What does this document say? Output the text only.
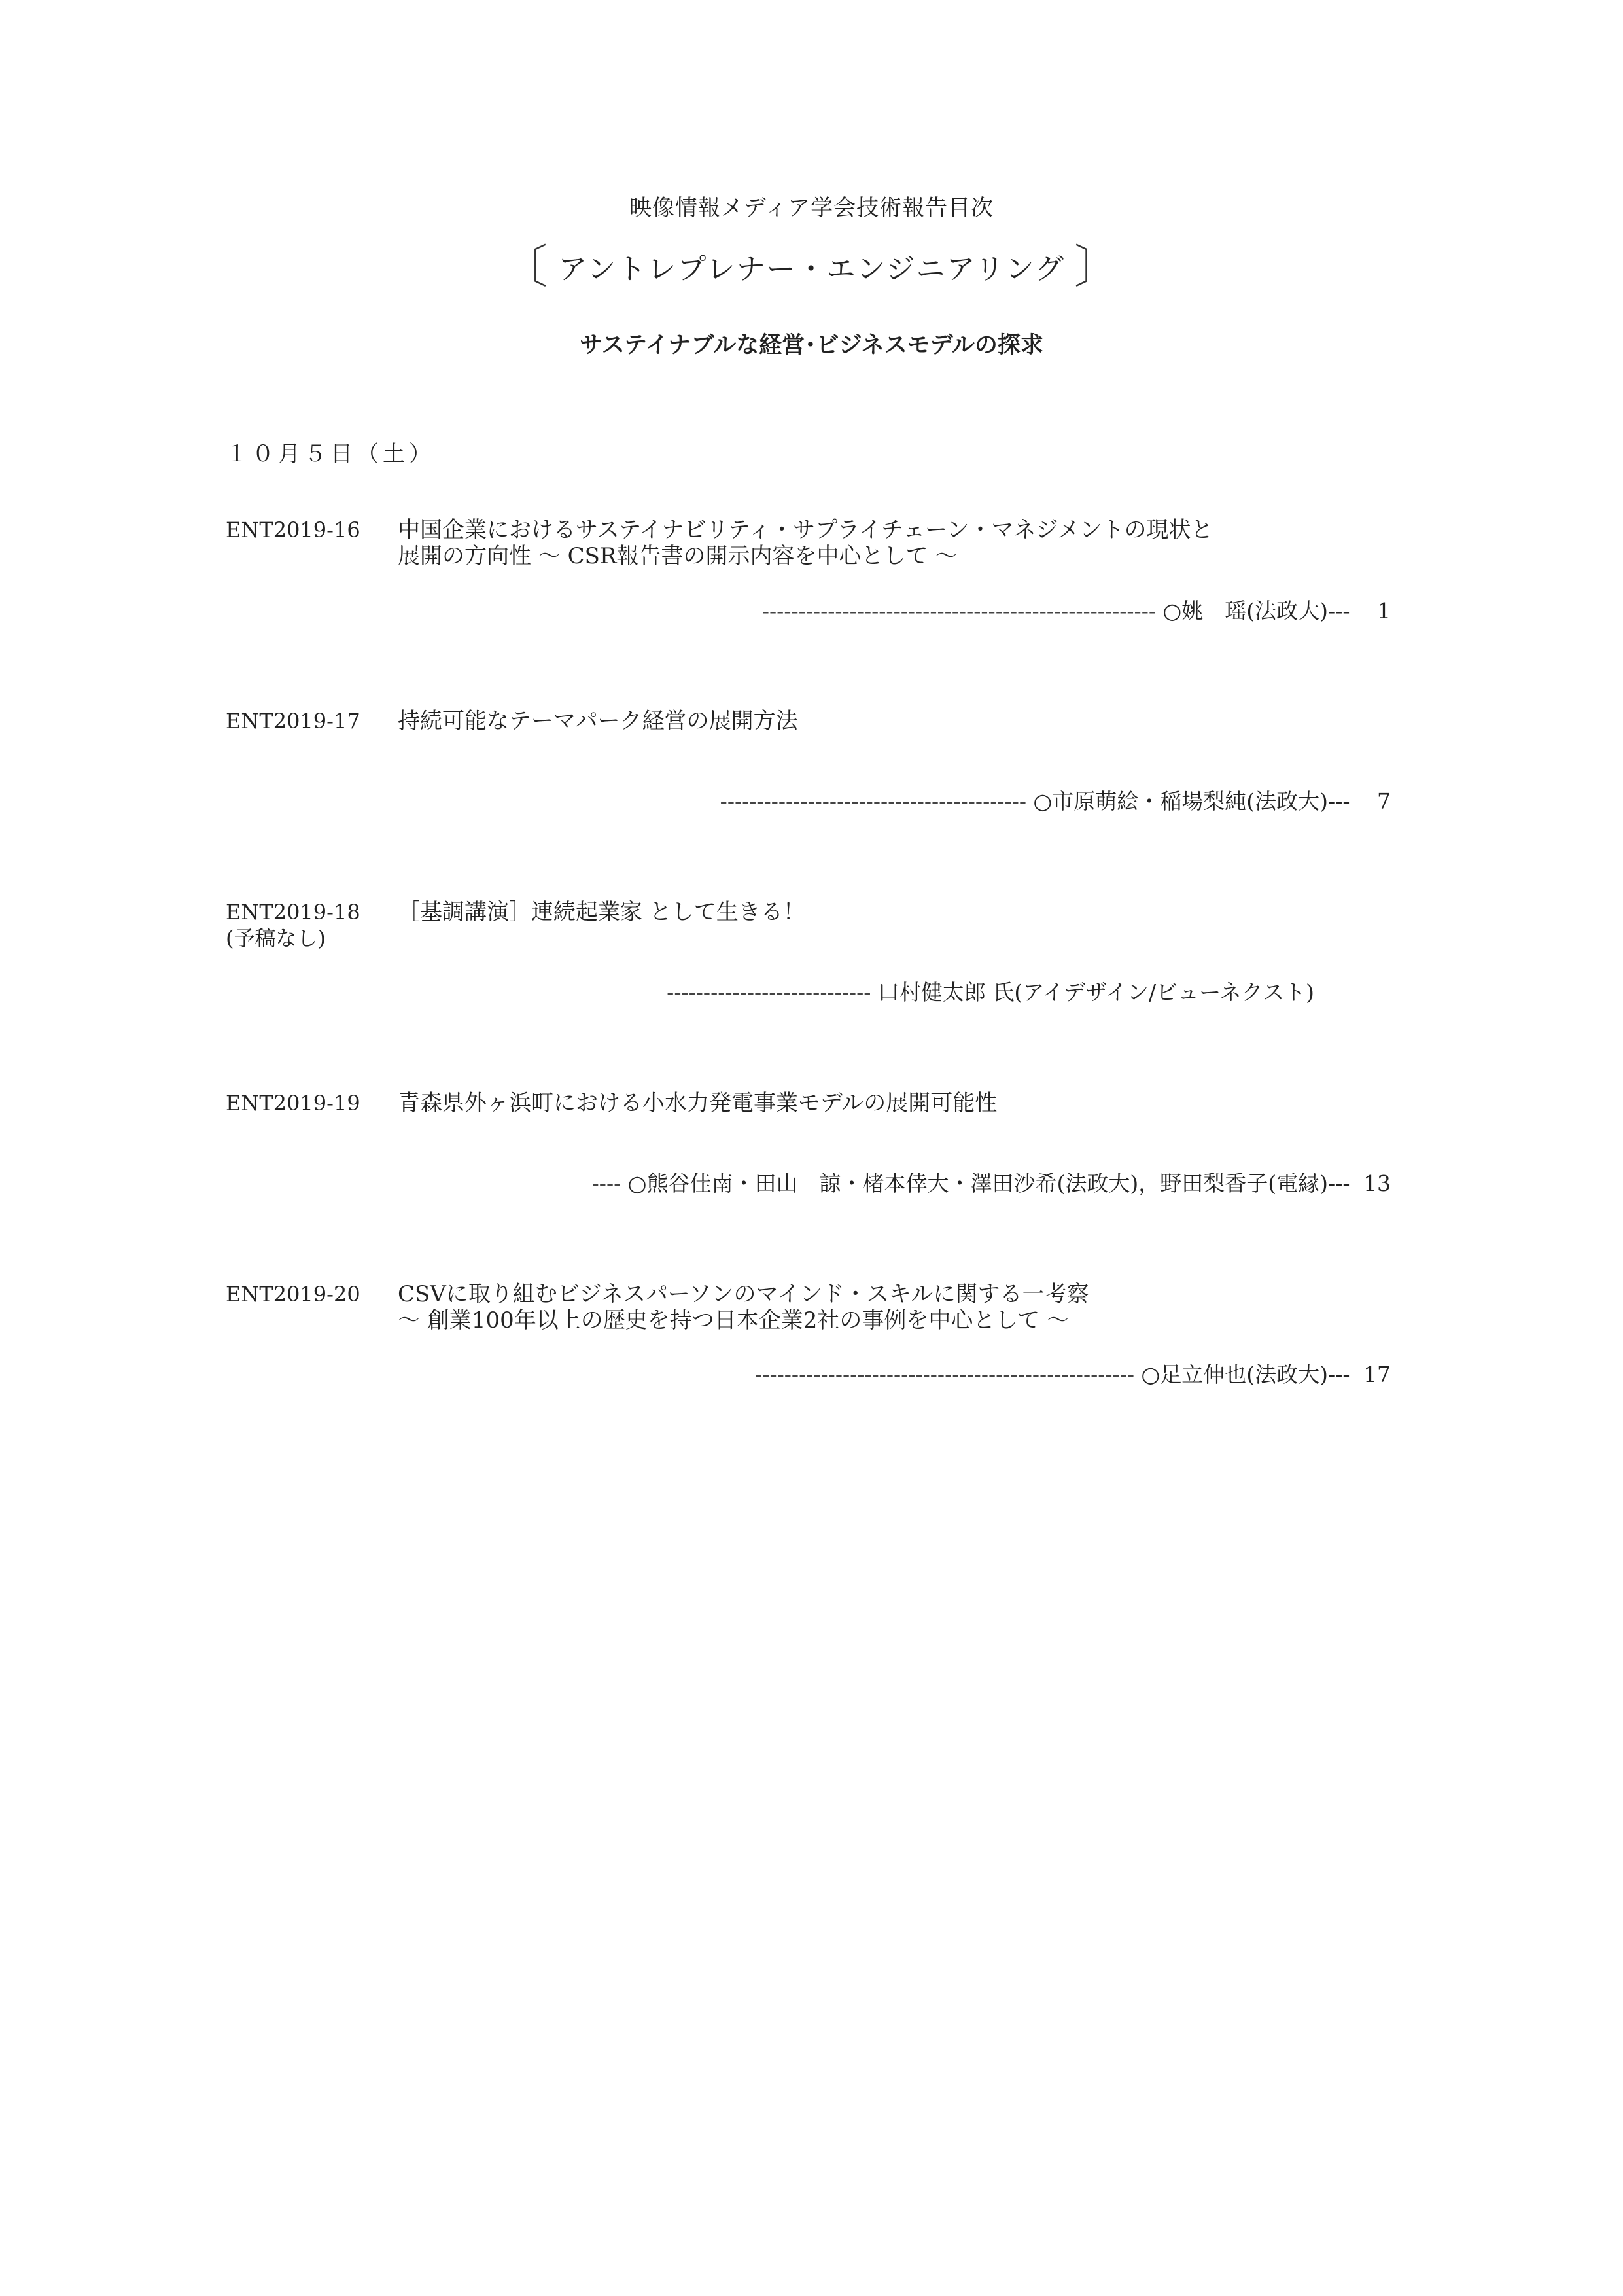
映像情報メディア学会技術報告目次
〔 アントレプレナー・エンジニアリング 〕
サステイナブルな経営･ビジネスモデルの探求
１０月５日（土）
ENT2019-16 中国企業におけるサステイナビリティ・サプライチェーン・マネジメントの現状と
展開の方向性 〜 CSR報告書の開示内容を中心として 〜
------------------------------------------------------ ○姚　瑶(法政大)--- 1
ENT2019-17 持続可能なテーマパーク経営の展開方法
------------------------------------------ ○市原萌絵・稲場梨純(法政大)--- 7
ENT2019-18
(予稿なし)
［基調講演］連続起業家 として生きる！
---------------------------- 口村健太郎 氏(アイデザイン/ビューネクスト)
ENT2019-19 青森県外ヶ浜町における小水力発電事業モデルの展開可能性
---- ○熊谷佳南・田山　諒・楮本倖大・澤田沙希(法政大)，野田梨香子(電縁)--- 13
ENT2019-20 CSVに取り組むビジネスパーソンのマインド・スキルに関する一考察
〜 創業100年以上の歴史を持つ日本企業2社の事例を中心として 〜
---------------------------------------------------- ○足立伸也(法政大)--- 17
